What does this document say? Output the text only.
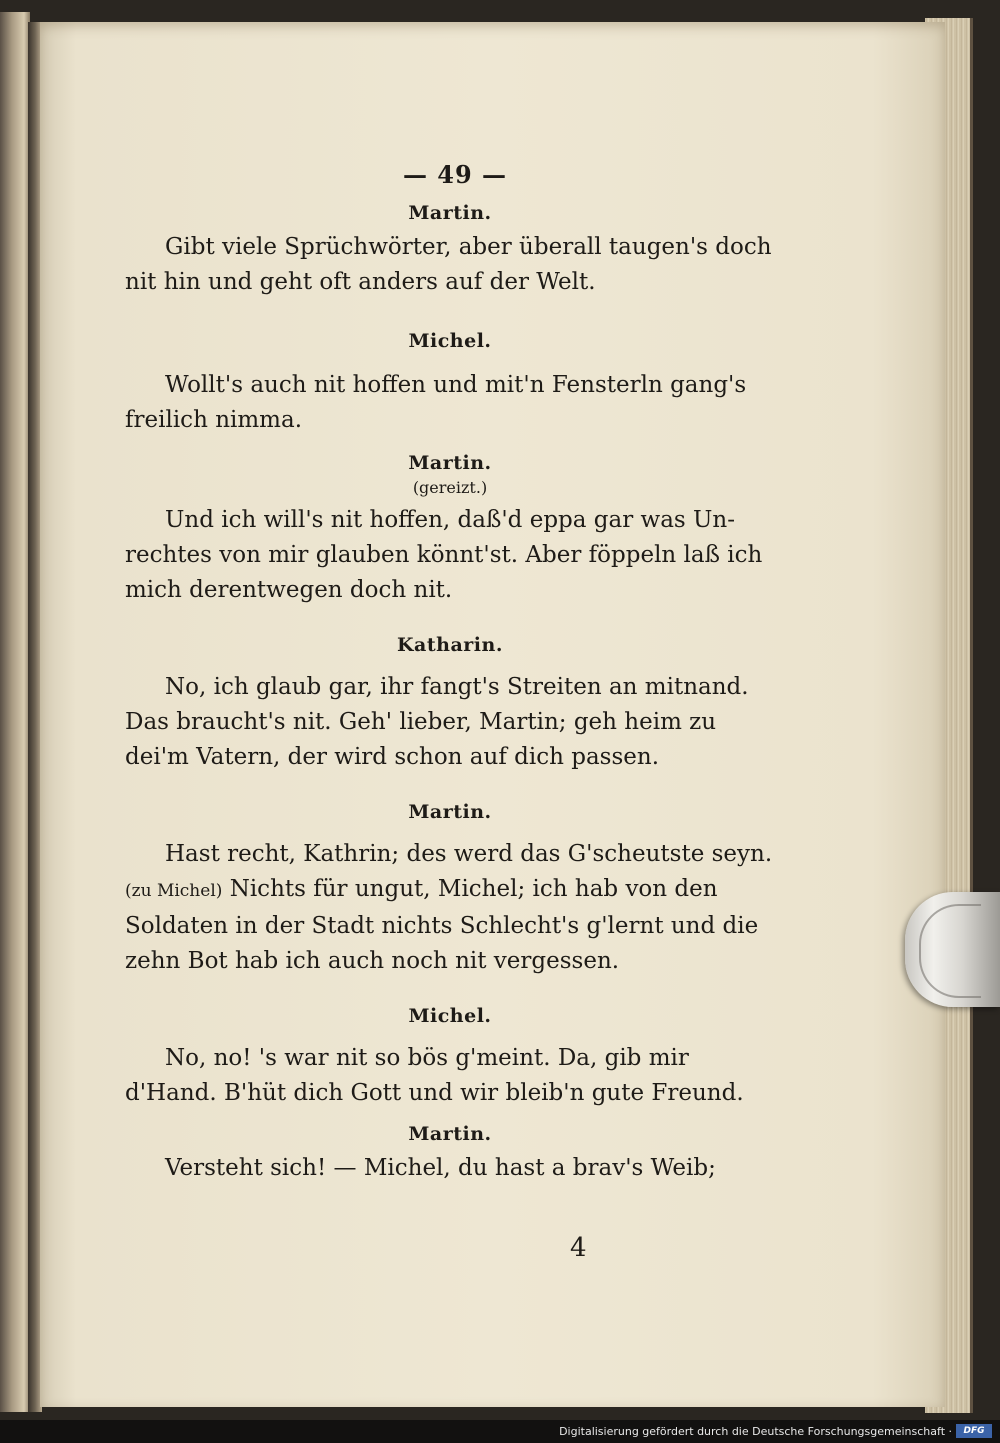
— 49 —
Martin.
Gibt viele Sprüchwörter, aber überall taugen's doch
nit hin und geht oft anders auf der Welt.
Michel.
Wollt's auch nit hoffen und mit'n Fensterln gang's
freilich nimma.
Martin.
(gereizt.)
Und ich will's nit hoffen, daß'd eppa gar was Un-
rechtes von mir glauben könnt'st. Aber föppeln laß ich
mich derentwegen doch nit.
Katharin.
No, ich glaub gar, ihr fangt's Streiten an mitnand.
Das braucht's nit. Geh' lieber, Martin; geh heim zu
dei'm Vatern, der wird schon auf dich passen.
Martin.
Hast recht, Kathrin; des werd das G'scheutste seyn.
(zu Michel) Nichts für ungut, Michel; ich hab von den
Soldaten in der Stadt nichts Schlecht's g'lernt und die
zehn Bot hab ich auch noch nit vergessen.
Michel.
No, no! 's war nit so bös g'meint. Da, gib mir
d'Hand. B'hüt dich Gott und wir bleib'n gute Freund.
Martin.
Versteht sich! — Michel, du hast a brav's Weib;
4
Digitalisierung gefördert durch die Deutsche Forschungsgemeinschaft ·	DFG
